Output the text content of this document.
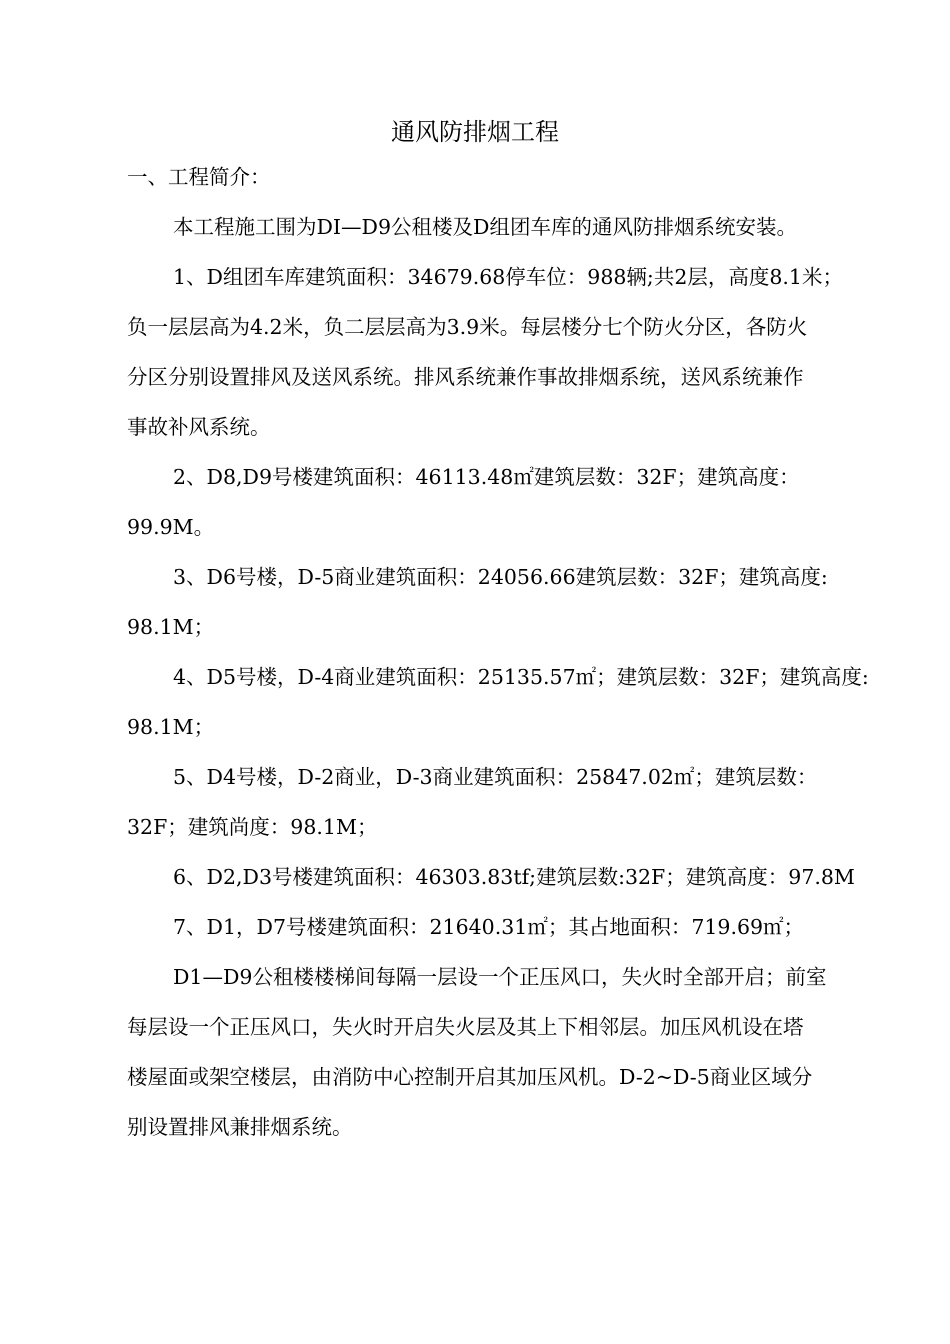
通风防排烟工程

一、工程简介：

本工程施工围为DI—D9公租楼及D组团车库的通风防排烟系统安装。

1、D组团车库建筑面积：34679.68停车位：988辆;共2层，高度8.1米；

负一层层高为4.2米，负二层层高为3.9米。每层楼分七个防火分区，各防火

分区分别设置排风及送风系统。排风系统兼作事故排烟系统，送风系统兼作

事故补风系统。

2、D8,D9号楼建筑面积：46113.48㎡建筑层数：32F；建筑高度：

99.9M。

3、D6号楼，D-5商业建筑面积：24056.66建筑层数：32F；建筑高度:

98.1M；

4、D5号楼，D-4商业建筑面积：25135.57㎡；建筑层数：32F；建筑高度:

98.1M；

5、D4号楼，D-2商业，D-3商业建筑面积：25847.02㎡；建筑层数：

32F；建筑尚度：98.1M；

6、D2,D3号楼建筑面积：46303.83tf;建筑层数:32F；建筑高度：97.8M

7、D1，D7号楼建筑面积：21640.31㎡；其占地面积：719.69㎡；

D1—D9公租楼楼梯间每隔一层设一个正压风口，失火时全部开启；前室

每层设一个正压风口，失火时开启失火层及其上下相邻层。加压风机设在塔

楼屋面或架空楼层，由消防中心控制开启其加压风机。D-2~D-5商业区域分

别设置排风兼排烟系统。
